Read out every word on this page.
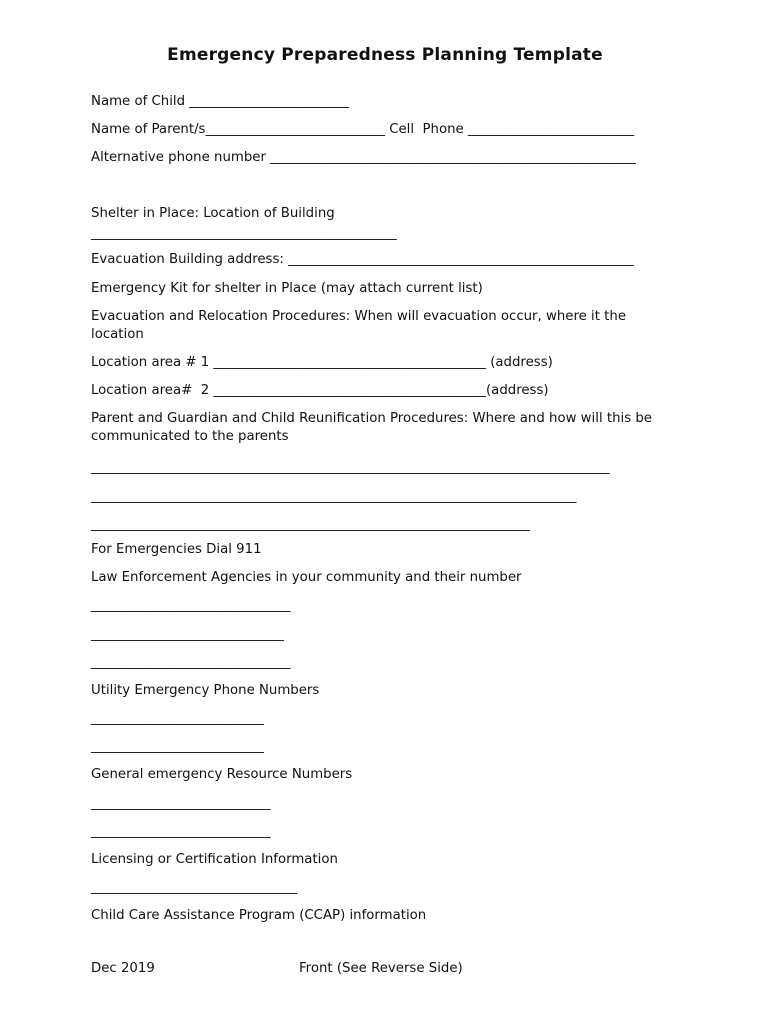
Emergency Preparedness Planning Template
Name of Child ________________________
Name of Parent/s___________________________ Cell  Phone _________________________
Alternative phone number _______________________________________________________
Shelter in Place: Location of Building
______________________________________________
Evacuation Building address: ____________________________________________________
Emergency Kit for shelter in Place (may attach current list)
Evacuation and Relocation Procedures: When will evacuation occur, where it the location
Location area # 1 _________________________________________ (address)
Location area#  2 _________________________________________(address)
Parent and Guardian and Child Reunification Procedures: Where and how will this be communicated to the parents
______________________________________________________________________________
_________________________________________________________________________
__________________________________________________________________
For Emergencies Dial 911
Law Enforcement Agencies in your community and their number
______________________________
_____________________________
______________________________
Utility Emergency Phone Numbers
__________________________
__________________________
General emergency Resource Numbers
___________________________
___________________________
Licensing or Certification Information
_______________________________
Child Care Assistance Program (CCAP) information
Dec 2019	Front (See Reverse Side)
